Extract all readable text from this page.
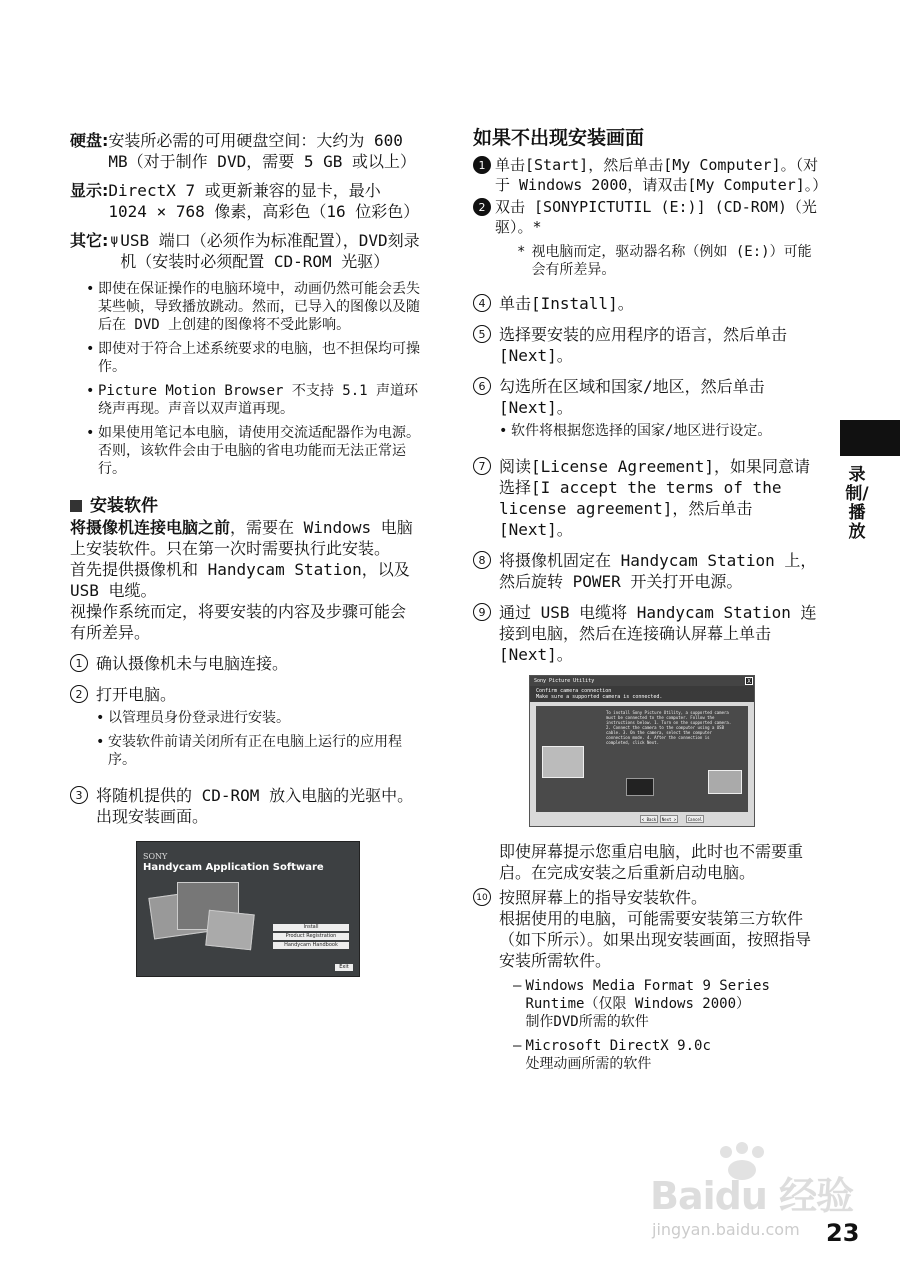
硬盘: 安装所必需的可用硬盘空间：大约为 600 MB（对于制作 DVD，需要 5 GB 或以上）
显示: DirectX 7 或更新兼容的显卡，最小 1024 × 768 像素，高彩色（16 位彩色）
其它: ψ USB 端口（必须作为标准配置），DVD刻录机（安装时必须配置 CD-ROM 光驱）
• 即使在保证操作的电脑环境中，动画仍然可能会丢失某些帧，导致播放跳动。然而，已导入的图像以及随后在 DVD 上创建的图像将不受此影响。
• 即使对于符合上述系统要求的电脑，也不担保均可操作。
• Picture Motion Browser 不支持 5.1 声道环绕声再现。声音以双声道再现。
• 如果使用笔记本电脑，请使用交流适配器作为电源。否则，该软件会由于电脑的省电功能而无法正常运行。
安装软件

将摄像机连接电脑之前，需要在 Windows 电脑上安装软件。只在第一次时需要执行此安装。

首先提供摄像机和 Handycam Station，以及 USB 电缆。

视操作系统而定，将要安装的内容及步骤可能会有所差异。

1 确认摄像机未与电脑连接。
2 打开电脑。
• 以管理员身份登录进行安装。
• 安装软件前请关闭所有正在电脑上运行的应用程序。
3 将随机提供的 CD-ROM 放入电脑的光驱中。
出现安装画面。
SONY
Handycam Application Software
Install
Product Registration
Handycam Handbook
Exit
如果不出现安装画面
1 单击[Start]，然后单击[My Computer]。（对于 Windows 2000，请双击[My Computer]。）
2 双击 [SONYPICTUTIL (E:)] (CD-ROM)（光驱）。*
* 视电脑而定，驱动器名称（例如 (E:)）可能会有所差异。
4 单击[Install]。
5 选择要安装的应用程序的语言，然后单击[Next]。
6 勾选所在区域和国家/地区，然后单击[Next]。
• 软件将根据您选择的国家/地区进行设定。
7 阅读[License Agreement]，如果同意请选择[I accept the terms of the license agreement]，然后单击[Next]。
8 将摄像机固定在 Handycam Station 上，然后旋转 POWER 开关打开电源。
9 通过 USB 电缆将 Handycam Station 连接到电脑，然后在连接确认屏幕上单击[Next]。
Sony Picture Utility	X
Confirm camera connection
Make sure a supported camera is connected.
To install Sony Picture Utility, a supported camera must be connected to the computer. Follow the instructions below. 1. Turn on the supported camera. 2. Connect the camera to the computer using a USB cable. 3. On the camera, select the computer connection mode. 4. After the connection is completed, click Next.
< Back	Next >	Cancel

即使屏幕提示您重启电脑，此时也不需要重启。在完成安装之后重新启动电脑。

10 按照屏幕上的指导安装软件。
根据使用的电脑，可能需要安装第三方软件（如下所示）。如果出现安装画面，按照指导安装所需软件。
– Windows Media Format 9 Series Runtime（仅限 Windows 2000）
制作DVD所需的软件
– Microsoft DirectX 9.0c
处理动画所需的软件
录制/播放
Baidu 经验
jingyan.baidu.com 23
